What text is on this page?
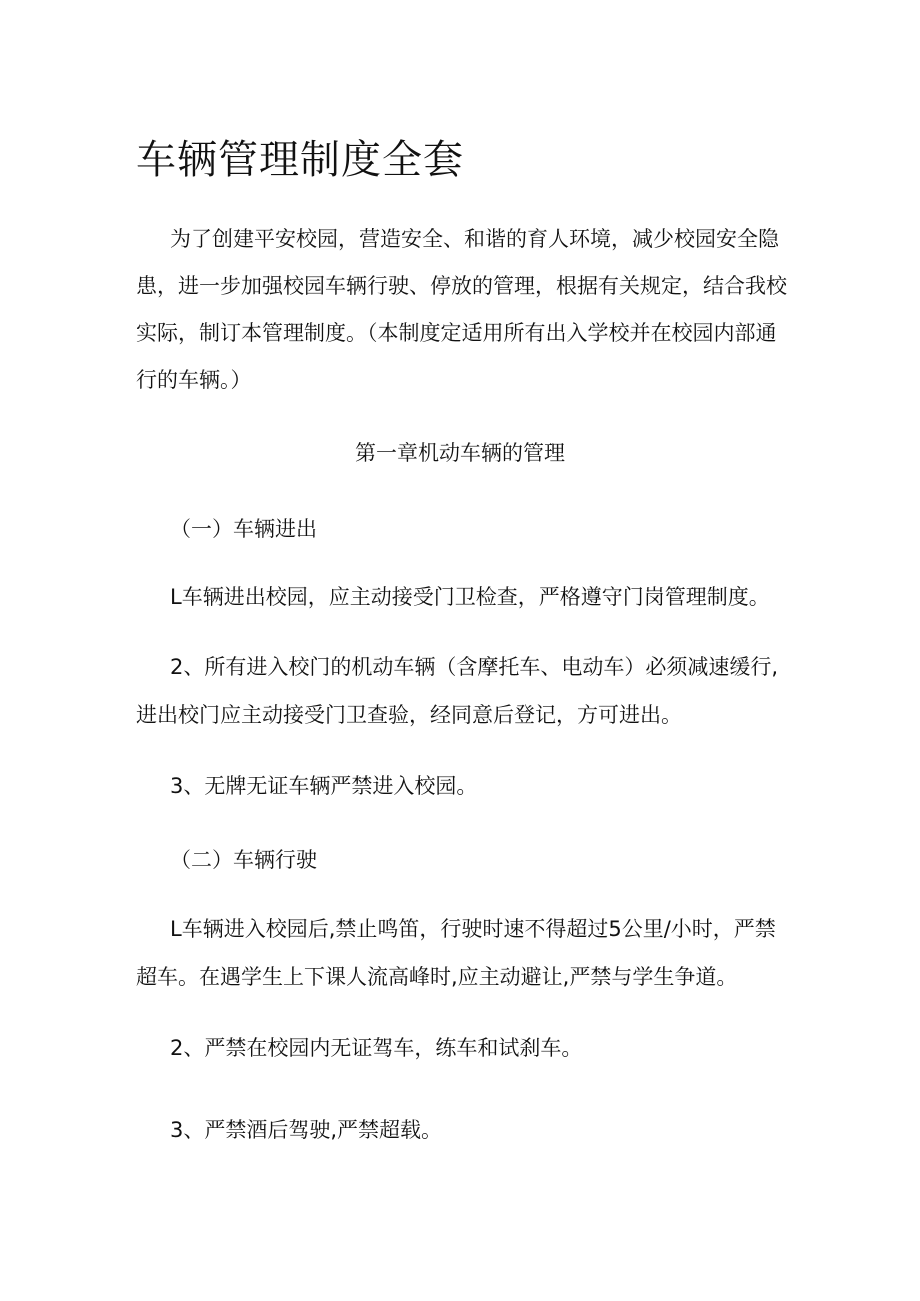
车辆管理制度全套

为了创建平安校园，营造安全、和谐的育人环境，减少校园安全隐患，进一步加强校园车辆行驶、停放的管理，根据有关规定，结合我校实际，制订本管理制度。（本制度定适用所有出入学校并在校园内部通行的车辆。）

第一章机动车辆的管理

（一）车辆进出

L车辆进出校园，应主动接受门卫检查，严格遵守门岗管理制度。

2、所有进入校门的机动车辆（含摩托车、电动车）必须减速缓行,进出校门应主动接受门卫查验，经同意后登记，方可进出。

3、无牌无证车辆严禁进入校园。

（二）车辆行驶

L车辆进入校园后,禁止鸣笛，行驶时速不得超过5公里/小时，严禁超车。在遇学生上下课人流高峰时,应主动避让,严禁与学生争道。

2、严禁在校园内无证驾车，练车和试刹车。

3、严禁酒后驾驶,严禁超载。
